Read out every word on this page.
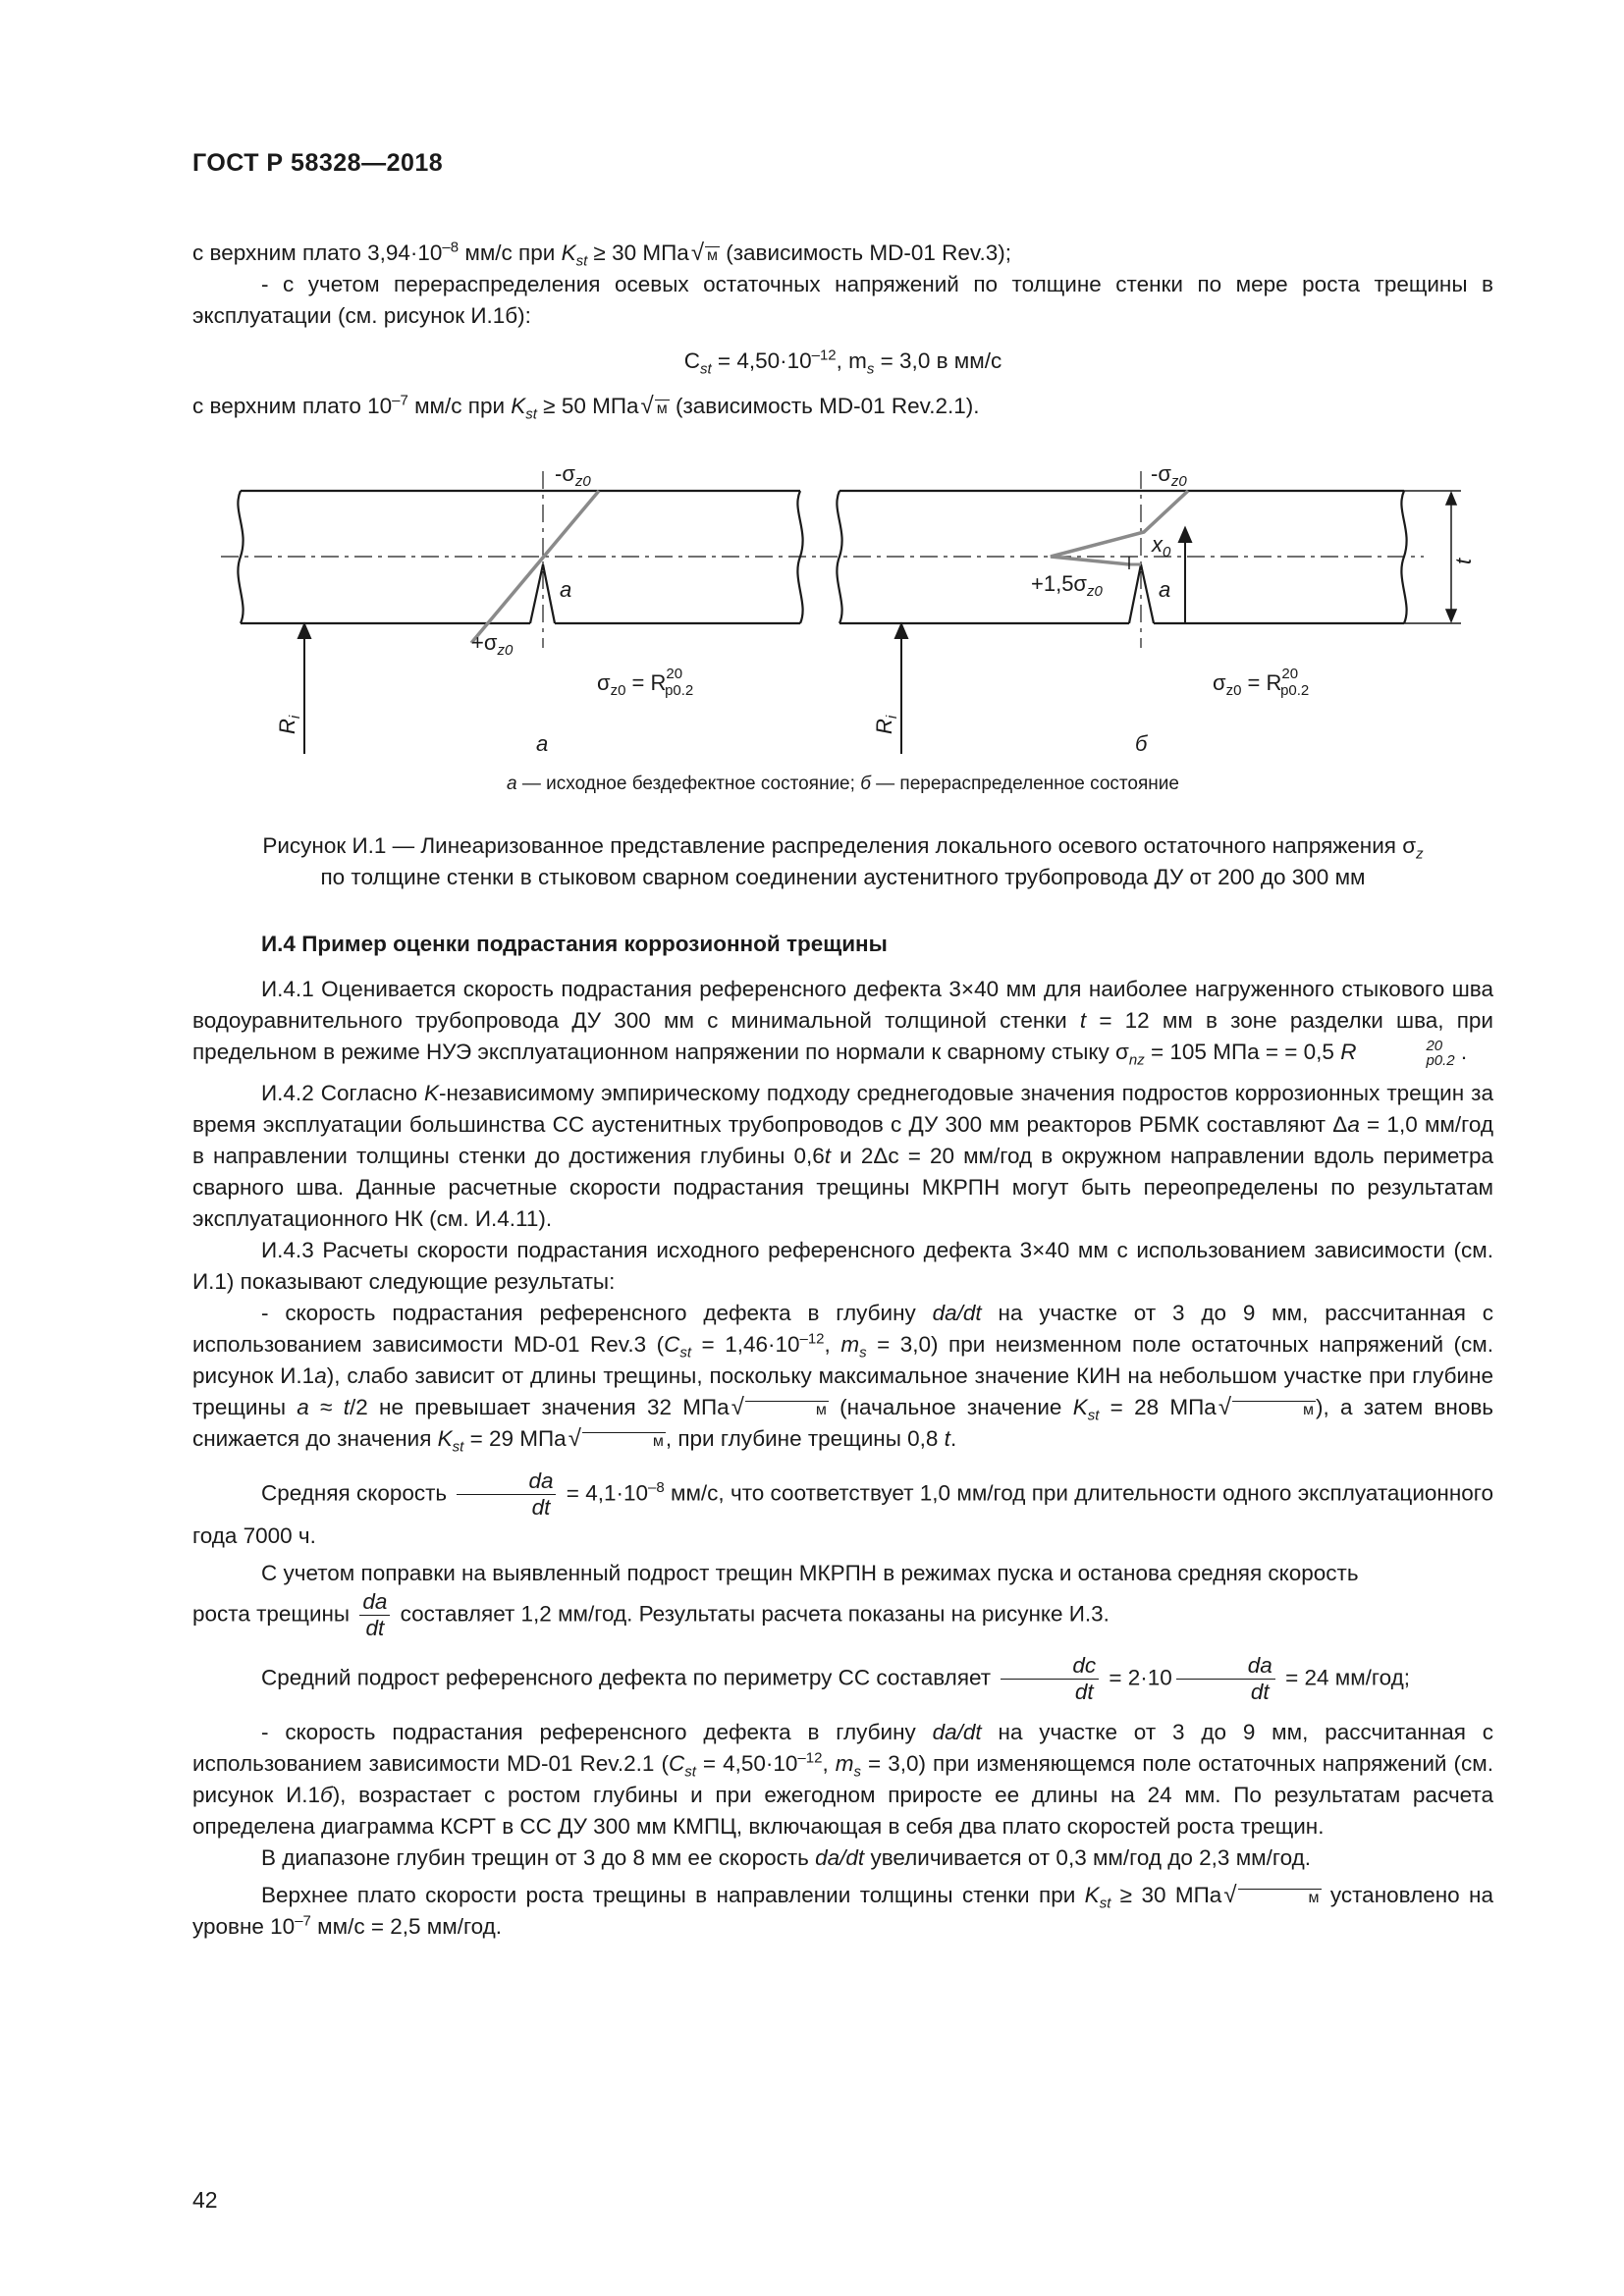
ГОСТ Р 58328—2018

с верхним плато $3,94\cdot 10^{-8}$ мм/с при $K_{st} \ge 30$ МПа√ м (зависимость MD-01 Rev.3);

- с учетом перераспределения осевых остаточных напряжений по толщине стенки по мере роста трещины в эксплуатации (см. рисунок И.1б):

$C_{st} = 4,50\cdot 10^{-12}$, $m_s = 3,0$ в мм/с

с верхним плато $10^{-7}$ мм/с при $K_{st} \ge 50$ МПа√ м (зависимость MD-01 Rev.2.1).

$-\sigma_{z0}$
a
$+\sigma_{z0}$
$\sigma_{z0} = R^{20}$ p0.2
а
$-\sigma_{z0}$
$x_0$
$+1,5\sigma_{z0}$	a
t
$\sigma_{z0} = R^{20}$ p0.2
б
$R_i$
$R_i$
а — исходное бездефектное состояние; б — перераспределенное состояние
Рисунок И.1 — Линеаризованное представление распределения локального осевого остаточного напряжения $\sigma_z$
по толщине стенки в стыковом сварном соединении аустенитного трубопровода ДУ от 200 до 300 мм

И.4 Пример оценки подрастания коррозионной трещины

И.4.1 Оценивается скорость подрастания референсного дефекта 3×40 мм для наиболее нагруженного стыкового шва водоуравнительного трубопровода ДУ 300 мм с минимальной толщиной стенки t = 12 мм в зоне разделки шва, при предельном в режиме НУЭ эксплуатационном напряжении по нормали к сварному стыку $\sigma_{nz} = 105$ МПа = = 0,5 R	20
p0.2 .

И.4.2 Согласно K-независимому эмпирическому подходу среднегодовые значения подростов коррозионных трещин за время эксплуатации большинства СС аустенитных трубопроводов с ДУ 300 мм реакторов РБМК составляют Δa = 1,0 мм/год в направлении толщины стенки до достижения глубины 0,6t и 2Δc = 20 мм/год в окружном направлении вдоль периметра сварного шва. Данные расчетные скорости подрастания трещины МКРПН могут быть переопределены по результатам эксплуатационного НК (см. И.4.11).

И.4.3 Расчеты скорости подрастания исходного референсного дефекта 3×40 мм с использованием зависимости (см. И.1) показывают следующие результаты:

- скорость подрастания референсного дефекта в глубину da/dt на участке от 3 до 9 мм, рассчитанная с использованием зависимости MD-01 Rev.3 ($C_{st} = 1,46\cdot 10^{-12}$, $m_s = 3,0$) при неизменном поле остаточных напряжений (см. рисунок И.1а), слабо зависит от длины трещины, поскольку максимальное значение КИН на небольшом участке при глубине трещины a ≈ t/2 не превышает значения 32 МПа√	м (начальное значение $K_{st} = 28$ МПа√	м), а затем вновь снижается до значения $K_{st} = 29$ МПа√	м, при глубине трещины 0,8 t.

Средняя скорость $\frac{da}{dt} = 4,1\cdot 10^{-8}$ мм/с, что соответствует 1,0 мм/год при длительности одного эксплуатационного года 7000 ч.

С учетом поправки на выявленный подрост трещин МКРПН в режимах пуска и останова средняя скорость

роста трещины $\frac{da}{dt}$ составляет 1,2 мм/год. Результаты расчета показаны на рисунке И.3.

Средний подрост референсного дефекта по периметру СС составляет $\frac{dc}{dt} = 2\cdot 10 \frac{da}{dt} = 24$ мм/год;

- скорость подрастания референсного дефекта в глубину da/dt на участке от 3 до 9 мм, рассчитанная с использованием зависимости MD-01 Rev.2.1 ($C_{st} = 4,50\cdot 10^{-12}$, $m_s = 3,0$) при изменяющемся поле остаточных напряжений (см. рисунок И.1б), возрастает с ростом глубины и при ежегодном приросте ее длины на 24 мм. По результатам расчета определена диаграмма КСРТ в СС ДУ 300 мм КМПЦ, включающая в себя два плато скоростей роста трещин.

В диапазоне глубин трещин от 3 до 8 мм ее скорость da/dt увеличивается от 0,3 мм/год до 2,3 мм/год.

Верхнее плато скорости роста трещины в направлении толщины стенки при $K_{st} \ge 30$ МПа√	м установлено на уровне $10^{-7}$ мм/с = 2,5 мм/год.

42
